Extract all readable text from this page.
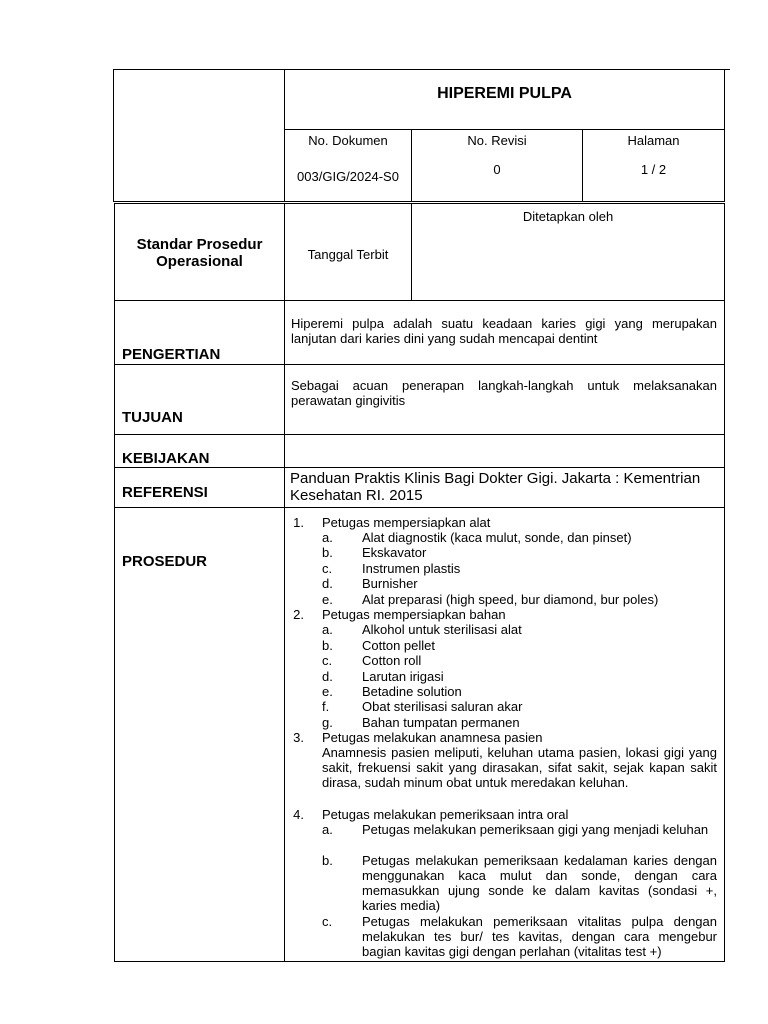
HIPEREMI PULPA
No. Dokumen
003/GIG/2024-S0
No. Revisi
0
Halaman
1 / 2
Standar Prosedur Operasional	Tanggal Terbit
Ditetapkan oleh
PENGERTIAN
Hiperemi pulpa adalah suatu keadaan karies gigi yang merupakan lanjutan dari karies dini yang sudah mencapai dentint
TUJUAN
Sebagai acuan penerapan langkah-langkah untuk melaksanakan perawatan gingivitis
KEBIJAKAN
REFERENSI
Panduan Praktis Klinis Bagi Dokter Gigi. Jakarta : Kementrian Kesehatan RI. 2015
PROSEDUR
1. Petugas mempersiapkan alat
a. Alat diagnostik (kaca mulut, sonde, dan pinset)
b. Ekskavator
c. Instrumen plastis
d. Burnisher
e. Alat preparasi (high speed, bur diamond, bur poles)
2. Petugas mempersiapkan bahan
a. Alkohol untuk sterilisasi alat
b. Cotton pellet
c. Cotton roll
d. Larutan irigasi
e. Betadine solution
f.	Obat sterilisasi saluran akar
g. Bahan tumpatan permanen
3. Petugas melakukan anamnesa pasien
Anamnesis pasien meliputi, keluhan utama pasien, lokasi gigi yang sakit, frekuensi sakit yang dirasakan, sifat sakit, sejak kapan sakit dirasa, sudah minum obat untuk meredakan keluhan.
4. Petugas melakukan pemeriksaan intra oral
a. Petugas melakukan pemeriksaan gigi yang menjadi keluhan
b. Petugas melakukan pemeriksaan kedalaman karies dengan menggunakan kaca mulut dan sonde, dengan cara memasukkan ujung sonde ke dalam kavitas (sondasi +, karies media)
c. Petugas melakukan pemeriksaan vitalitas pulpa dengan melakukan tes bur/ tes kavitas, dengan cara mengebur bagian kavitas gigi dengan perlahan (vitalitas test +)
